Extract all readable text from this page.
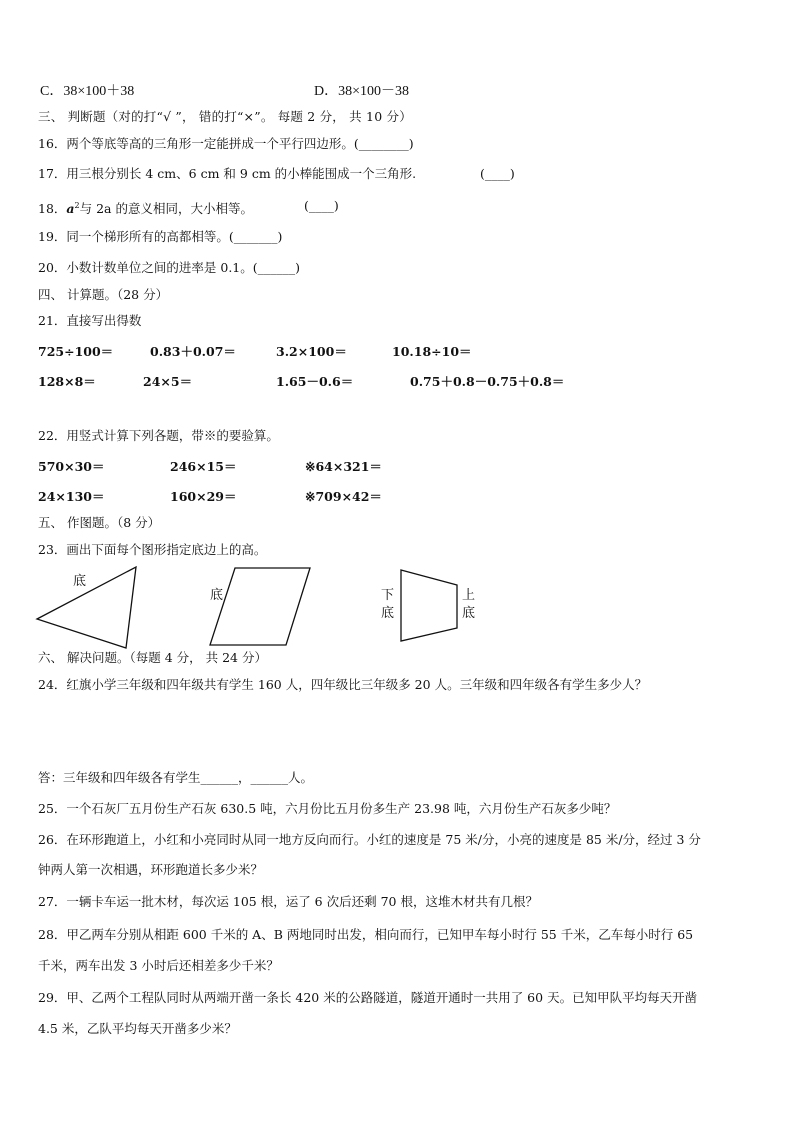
C．38×100＋38	D．38×100－38
三、 判断题（对的打“√ ”， 错的打“×”。 每题 2 分， 共 10 分）
16．两个等底等高的三角形一定能拼成一个平行四边形。(________)
17．用三根分别长 4 cm、6 cm 和 9 cm 的小棒能围成一个三角形.	(____)
18．$a^2$与 2a 的意义相同，大小相等。	(____)
19．同一个梯形所有的高都相等。(_______)
20．小数计数单位之间的进率是 0.1。(______)
四、 计算题。（28 分）
21．直接写出得数
725÷100＝	0.83＋0.07＝	3.2×100＝	10.18÷10＝
128×8＝	24×5＝	1.65－0.6＝	0.75＋0.8－0.75＋0.8＝
22．用竖式计算下列各题，带※的要验算。
570×30＝	246×15＝	※64×321＝
24×130＝	160×29＝	※709×42＝
五、 作图题。（8 分）
23．画出下面每个图形指定底边上的高。
底
底	下
底
上
底
六、 解决问题。（每题 4 分， 共 24 分）
24．红旗小学三年级和四年级共有学生 160 人，四年级比三年级多 20 人。三年级和四年级各有学生多少人？
答：三年级和四年级各有学生______，______人。
25．一个石灰厂五月份生产石灰 630.5 吨，六月份比五月份多生产 23.98 吨，六月份生产石灰多少吨？
26．在环形跑道上，小红和小亮同时从同一地方反向而行。小红的速度是 75 米/分，小亮的速度是 85 米/分，经过 3 分
钟两人第一次相遇，环形跑道长多少米？
27．一辆卡车运一批木材，每次运 105 根，运了 6 次后还剩 70 根，这堆木材共有几根？
28．甲乙两车分别从相距 600 千米的 A、B 两地同时出发，相向而行，已知甲车每小时行 55 千米，乙车每小时行 65
千米，两车出发 3 小时后还相差多少千米？
29．甲、乙两个工程队同时从两端开凿一条长 420 米的公路隧道，隧道开通时一共用了 60 天。已知甲队平均每天开凿
4.5 米，乙队平均每天开凿多少米？
